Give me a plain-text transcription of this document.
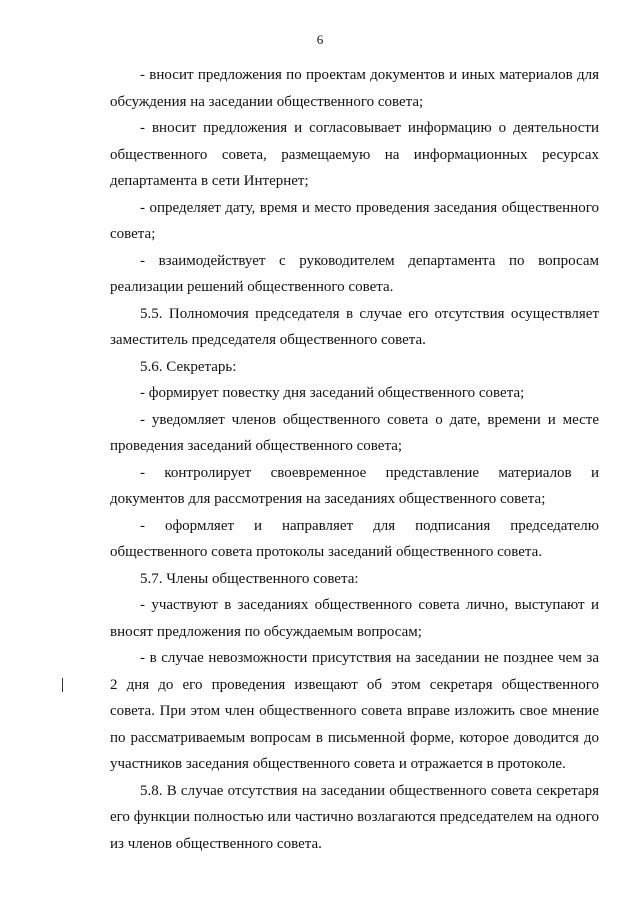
6

- вносит предложения по проектам документов и иных материалов для обсуждения на заседании общественного совета;

- вносит предложения и согласовывает информацию о деятельности общественного совета, размещаемую на информационных ресурсах департамента в сети Интернет;

- определяет дату, время и место проведения заседания общественного совета;

- взаимодействует с руководителем департамента по вопросам реализации решений общественного совета.

5.5. Полномочия председателя в случае его отсутствия осуществляет заместитель председателя общественного совета.

5.6. Секретарь:

- формирует повестку дня заседаний общественного совета;

- уведомляет членов общественного совета о дате, времени и месте проведения заседаний общественного совета;

- контролирует своевременное представление материалов и документов для рассмотрения на заседаниях общественного совета;

- оформляет и направляет для подписания председателю общественного совета протоколы заседаний общественного совета.

5.7. Члены общественного совета:

- участвуют в заседаниях общественного совета лично, выступают и вносят предложения по обсуждаемым вопросам;

- в случае невозможности присутствия на заседании не позднее чем за 2 дня до его проведения извещают об этом секретаря общественного совета. При этом член общественного совета вправе изложить свое мнение по рассматриваемым вопросам в письменной форме, которое доводится до участников заседания общественного совета и отражается в протоколе.

5.8. В случае отсутствия на заседании общественного совета секретаря его функции полностью или частично возлагаются председателем на одного из членов общественного совета.
